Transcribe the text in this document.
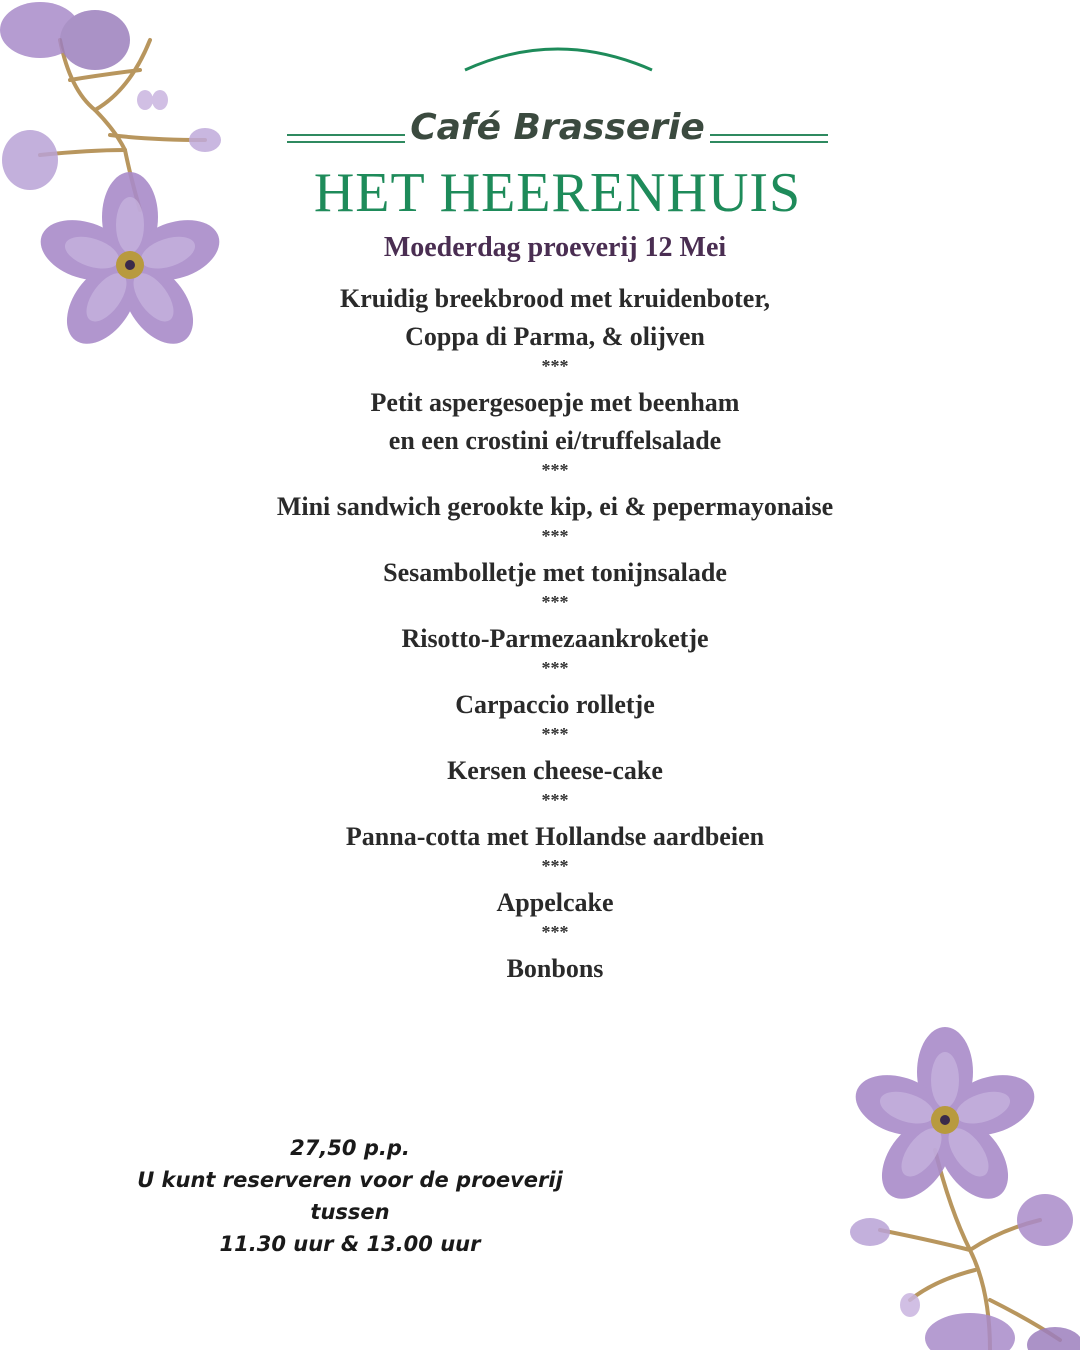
Café Brasserie
HET HEERENHUIS
Moederdag proeverij 12 Mei

Kruidig breekbrood met kruidenboter,

Coppa di Parma, & olijven

***

Petit aspergesoepje met beenham

en een crostini ei/truffelsalade

***

Mini sandwich gerookte kip, ei & pepermayonaise

***

Sesambolletje met tonijnsalade

***

Risotto-Parmezaankroketje

***

Carpaccio rolletje

***

Kersen cheese-cake

***

Panna-cotta met Hollandse aardbeien

***

Appelcake

***

Bonbons

27,50 p.p.
U kunt reserveren voor de proeverij tussen
11.30 uur & 13.00 uur
